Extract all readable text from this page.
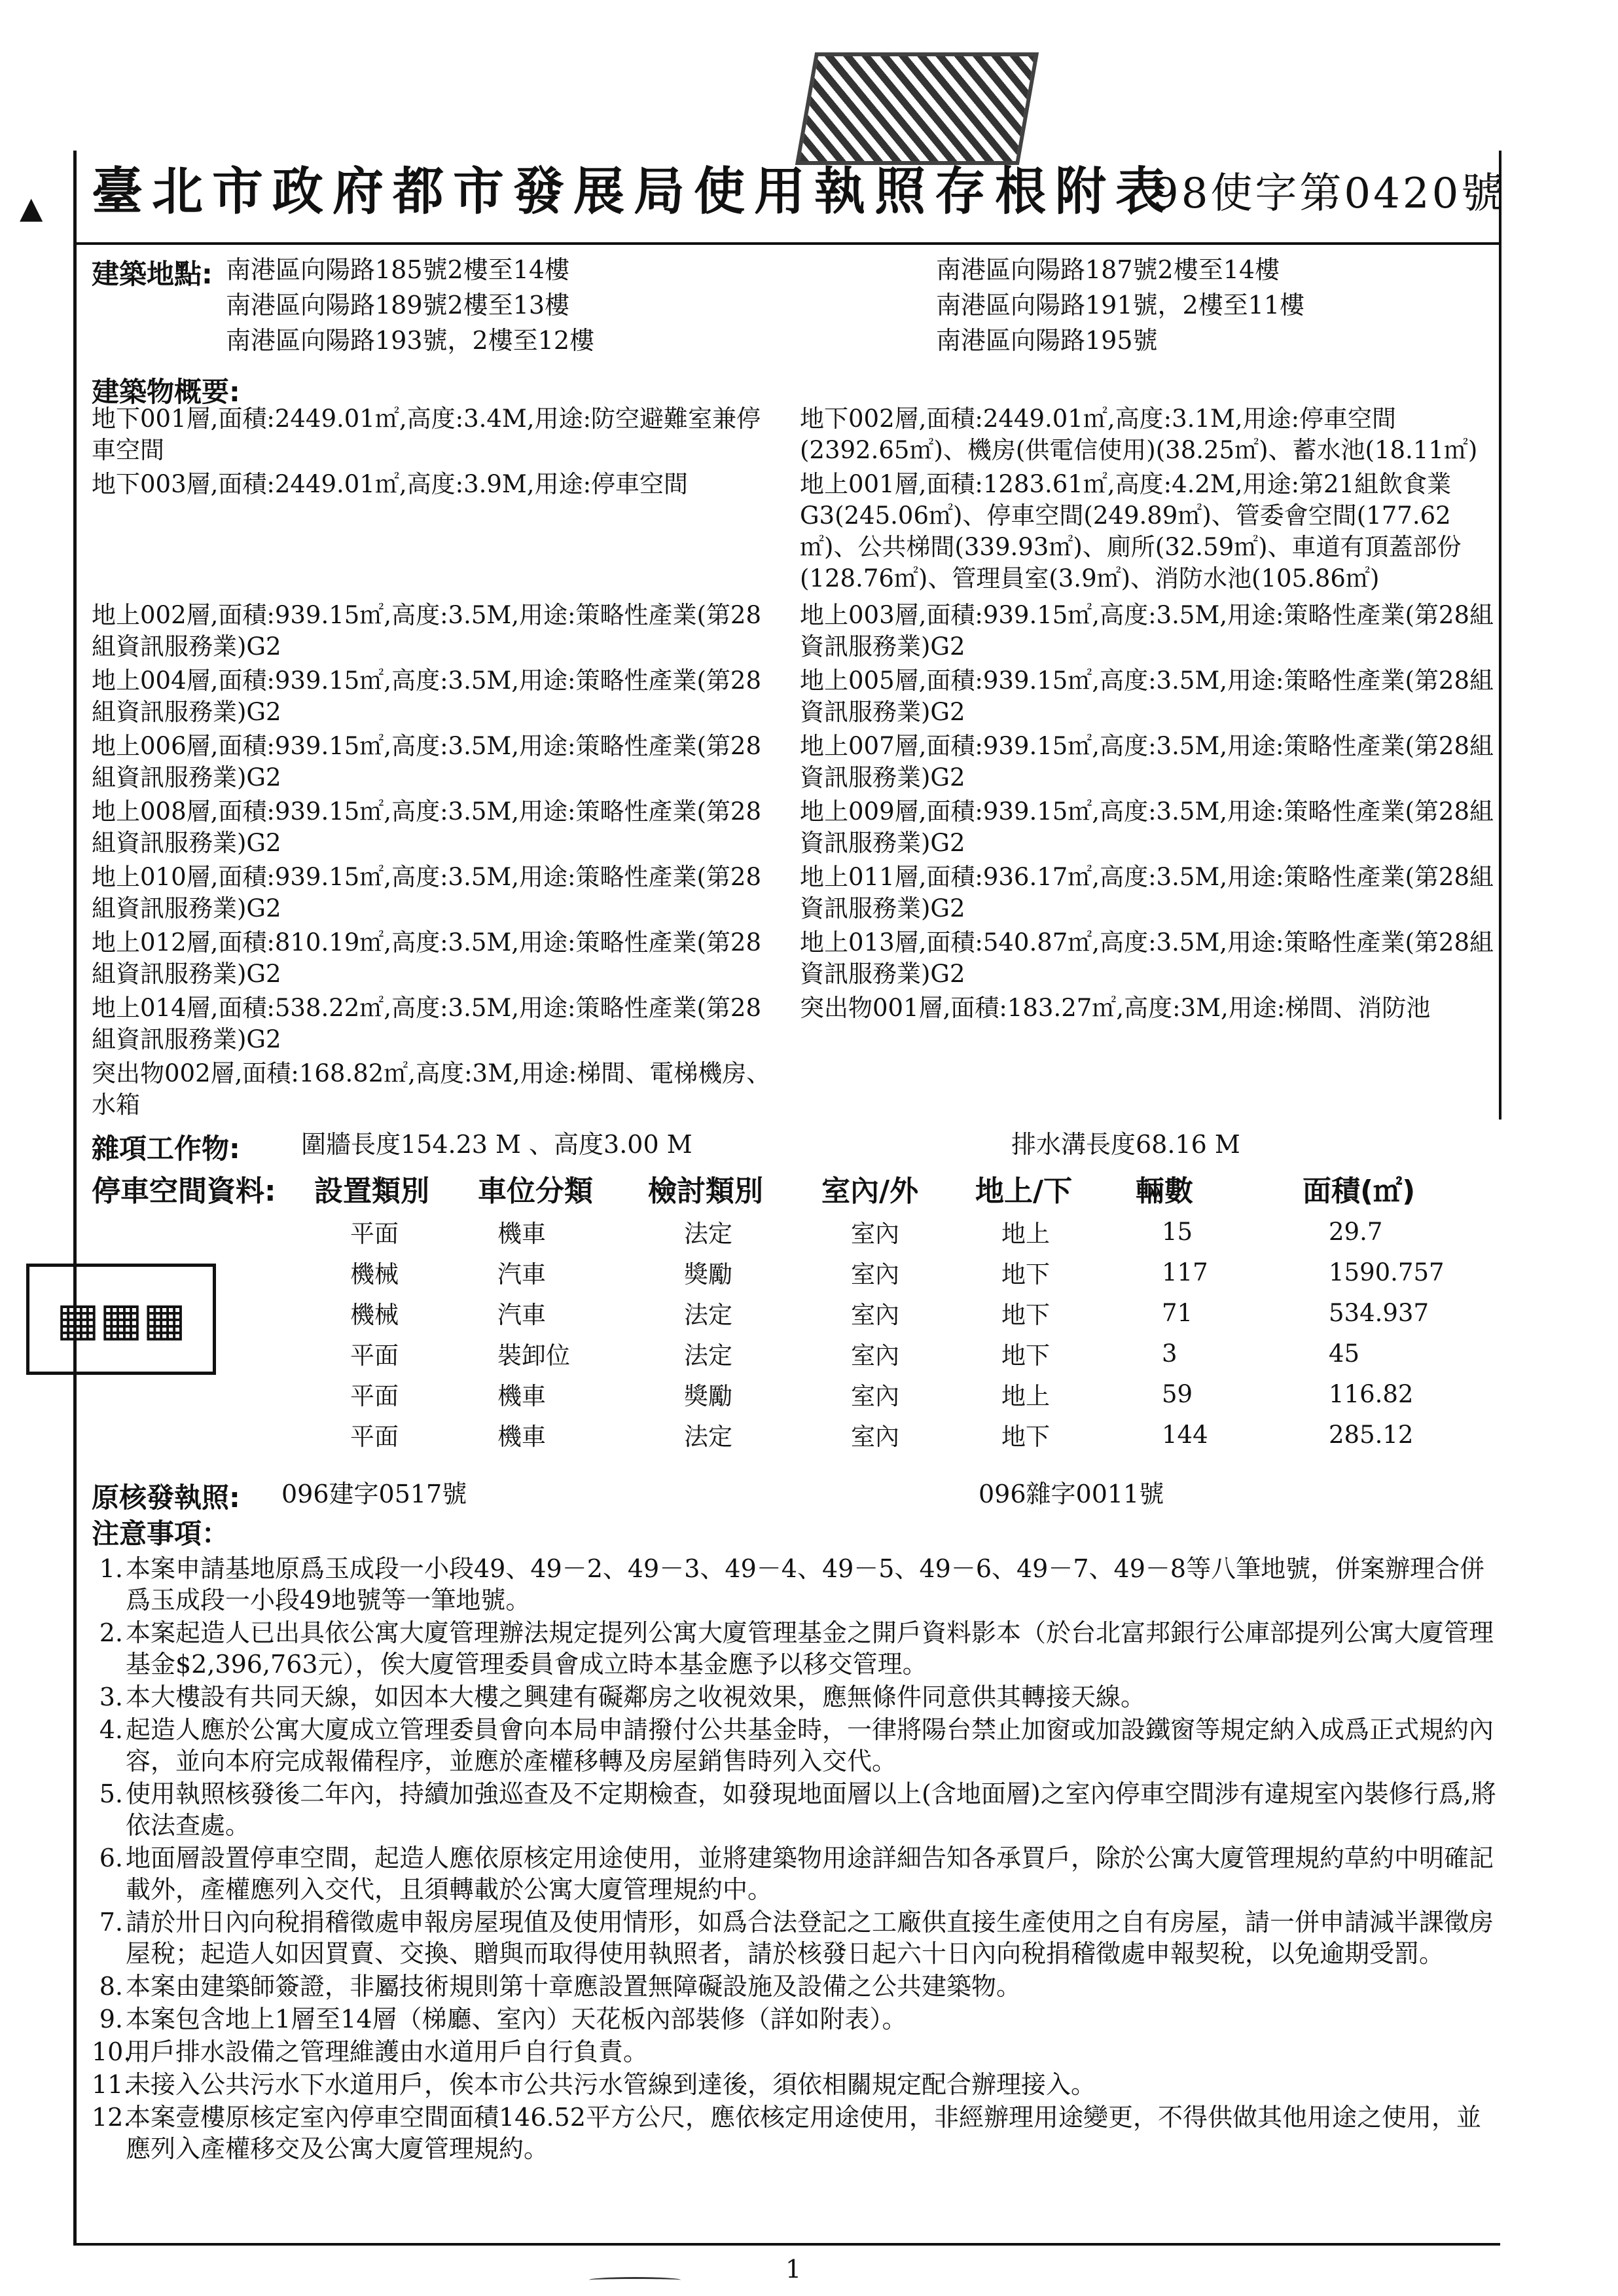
▦▦▦
▲ 臺北市政府都市發展局使用執照存根附表
98使字第0420號
建築地點: 南港區向陽路185號2樓至14樓	南港區向陽路187號2樓至14樓
南港區向陽路189號2樓至13樓	南港區向陽路191號，2樓至11樓
南港區向陽路193號，2樓至12樓	南港區向陽路195號
建築物概要:
地下001層,面積:2449.01㎡,高度:3.4M,用途:防空避難室兼停車空間
地下002層,面積:2449.01㎡,高度:3.1M,用途:停車空間(2392.65㎡)、機房(供電信使用)(38.25㎡)、蓄水池(18.11㎡)
地下003層,面積:2449.01㎡,高度:3.9M,用途:停車空間	地上001層,面積:1283.61㎡,高度:4.2M,用途:第21組飲食業G3(245.06㎡)、停車空間(249.89㎡)、管委會空間(177.62㎡)、公共梯間(339.93㎡)、廁所(32.59㎡)、車道有頂蓋部份(128.76㎡)、管理員室(3.9㎡)、消防水池(105.86㎡)
地上002層,面積:939.15㎡,高度:3.5M,用途:策略性產業(第28組資訊服務業)G2
地上003層,面積:939.15㎡,高度:3.5M,用途:策略性產業(第28組資訊服務業)G2
地上004層,面積:939.15㎡,高度:3.5M,用途:策略性產業(第28組資訊服務業)G2
地上005層,面積:939.15㎡,高度:3.5M,用途:策略性產業(第28組資訊服務業)G2
地上006層,面積:939.15㎡,高度:3.5M,用途:策略性產業(第28組資訊服務業)G2
地上007層,面積:939.15㎡,高度:3.5M,用途:策略性產業(第28組資訊服務業)G2
地上008層,面積:939.15㎡,高度:3.5M,用途:策略性產業(第28組資訊服務業)G2
地上009層,面積:939.15㎡,高度:3.5M,用途:策略性產業(第28組資訊服務業)G2
地上010層,面積:939.15㎡,高度:3.5M,用途:策略性產業(第28組資訊服務業)G2
地上011層,面積:936.17㎡,高度:3.5M,用途:策略性產業(第28組資訊服務業)G2
地上012層,面積:810.19㎡,高度:3.5M,用途:策略性產業(第28組資訊服務業)G2
地上013層,面積:540.87㎡,高度:3.5M,用途:策略性產業(第28組資訊服務業)G2
地上014層,面積:538.22㎡,高度:3.5M,用途:策略性產業(第28組資訊服務業)G2
突出物001層,面積:183.27㎡,高度:3M,用途:梯間、消防池
突出物002層,面積:168.82㎡,高度:3M,用途:梯間、電梯機房、水箱
雜項工作物: 圍牆長度154.23 M 、高度3.00 M	排水溝長度68.16 M
停車空間資料:	設置類別	車位分類	檢討類別	室內/外	地上/下	輛數	面積(㎡)
	平面	機車	法定	室內	地上	15	29.7
	機械	汽車	獎勵	室內	地下	117	1590.757
	機械	汽車	法定	室內	地下	71	534.937
	平面	裝卸位	法定	室內	地下	3	45
	平面	機車	獎勵	室內	地上	59	116.82
	平面	機車	法定	室內	地下	144	285.12
原核發執照: 096建字0517號	096雜字0011號
注意事項：
1. 本案申請基地原爲玉成段一小段49、49－2、49－3、49－4、49－5、49－6、49－7、49－8等八筆地號，併案辦理合併爲玉成段一小段49地號等一筆地號。
2. 本案起造人已出具依公寓大廈管理辦法規定提列公寓大廈管理基金之開戶資料影本（於台北富邦銀行公庫部提列公寓大廈管理基金$2,396,763元），俟大廈管理委員會成立時本基金應予以移交管理。
3. 本大樓設有共同天線，如因本大樓之興建有礙鄰房之收視效果，應無條件同意供其轉接天線。
4. 起造人應於公寓大廈成立管理委員會向本局申請撥付公共基金時，一律將陽台禁止加窗或加設鐵窗等規定納入成爲正式規約內容，並向本府完成報備程序，並應於產權移轉及房屋銷售時列入交代。
5. 使用執照核發後二年內，持續加強巡查及不定期檢查，如發現地面層以上(含地面層)之室內停車空間涉有違規室內裝修行爲,將依法查處。
6. 地面層設置停車空間，起造人應依原核定用途使用，並將建築物用途詳細告知各承買戶，除於公寓大廈管理規約草約中明確記載外，產權應列入交代，且須轉載於公寓大廈管理規約中。
7. 請於卅日內向稅捐稽徵處申報房屋現值及使用情形，如爲合法登記之工廠供直接生產使用之自有房屋，請一併申請減半課徵房屋稅；起造人如因買賣、交換、贈與而取得使用執照者，請於核發日起六十日內向稅捐稽徵處申報契稅，以免逾期受罰。
8. 本案由建築師簽證，非屬技術規則第十章應設置無障礙設施及設備之公共建築物。
9. 本案包含地上1層至14層（梯廳、室內）天花板內部裝修（詳如附表）。
10.
用戶排水設備之管理維護由水道用戶自行負責。
11.
未接入公共污水下水道用戶，俟本市公共污水管線到達後，須依相關規定配合辦理接入。
12.
本案壹樓原核定室內停車空間面積146.52平方公尺，應依核定用途使用，非經辦理用途變更，不得供做其他用途之使用，並應列入產權移交及公寓大廈管理規約。
1
